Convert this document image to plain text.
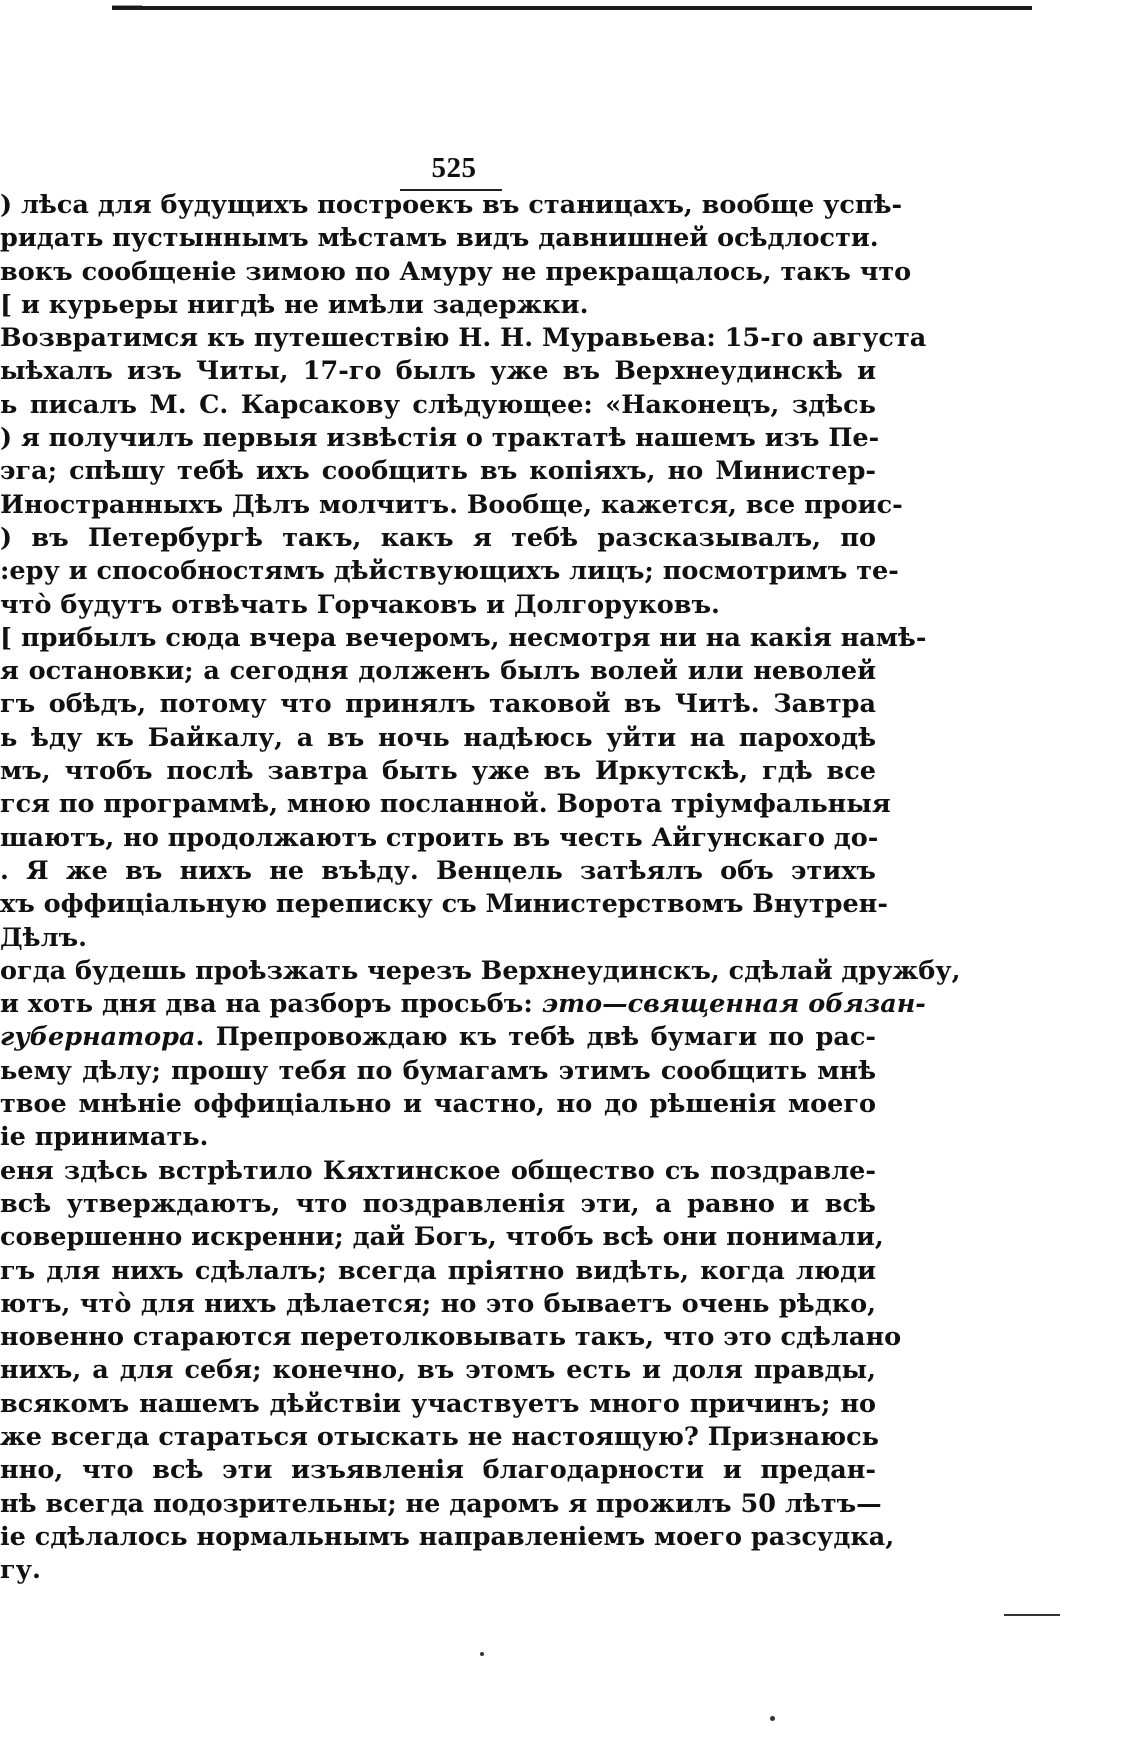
525
) лѣса для будущихъ построекъ въ станицахъ, вообще успѣ-
ридать пустыннымъ мѣстамъ видъ давнишней осѣдлости.
вокъ сообщеніе зимою по Амуру не прекращалось, такъ что
[ и курьеры нигдѣ не имѣли задержки.
Возвратимся къ путешествію Н. Н. Муравьева: 15-го августа
ыѣхалъ изъ Читы, 17-го былъ уже въ Верхнеудинскѣ и
ь писалъ М. С. Карсакову слѣдующее: «Наконецъ, здѣсь
) я получилъ первыя извѣстія о трактатѣ нашемъ изъ Пе-
эга; спѣшу тебѣ ихъ сообщить въ копіяхъ, но Министер-
Иностранныхъ Дѣлъ молчитъ. Вообще, кажется, все проис-
) въ Петербургѣ такъ, какъ я тебѣ разсказывалъ, по
:еру и способностямъ дѣйствующихъ лицъ; посмотримъ те-
чтò будутъ отвѣчать Горчаковъ и Долгоруковъ.
[ прибылъ сюда вчера вечеромъ, несмотря ни на какія намѣ-
я остановки; а сегодня долженъ былъ волей или неволей
гъ обѣдъ, потому что принялъ таковой въ Читѣ. Завтра
ь ѣду къ Байкалу, а въ ночь надѣюсь уйти на пароходѣ
мъ, чтобъ послѣ завтра быть уже въ Иркутскѣ, гдѣ все
гся по программѣ, мною посланной. Ворота тріумфальныя
шаютъ, но продолжаютъ строить въ честь Айгунскаго до-
. Я же въ нихъ не въѣду. Венцель затѣялъ объ этихъ
хъ оффиціальную переписку съ Министерствомъ Внутрен-
Дѣлъ.
огда будешь проѣзжать черезъ Верхнеудинскъ, сдѣлай дружбу,
и хоть дня два на разборъ просьбъ: это—священная обязан-
губернатора. Препровождаю къ тебѣ двѣ бумаги по рас-
ьему дѣлу; прошу тебя по бумагамъ этимъ сообщить мнѣ
твое мнѣніе оффиціально и частно, но до рѣшенія моего
іе принимать.
еня здѣсь встрѣтило Кяхтинское общество съ поздравле-
всѣ утверждаютъ, что поздравленія эти, а равно и всѣ
совершенно искренни; дай Богъ, чтобъ всѣ они понимали,
гъ для нихъ сдѣлалъ; всегда пріятно видѣть, когда люди
ютъ, чтò для нихъ дѣлается; но это бываетъ очень рѣдко,
новенно стараются перетолковывать такъ, что это сдѣлано
нихъ, а для себя; конечно, въ этомъ есть и доля правды,
всякомъ нашемъ дѣйствіи участвуетъ много причинъ; но
же всегда стараться отыскать не настоящую? Признаюсь
нно, что всѣ эти изъявленія благодарности и предан-
нѣ всегда подозрительны; не даромъ я прожилъ 50 лѣтъ—
іе сдѣлалось нормальнымъ направленіемъ моего разсудка,
гу.
